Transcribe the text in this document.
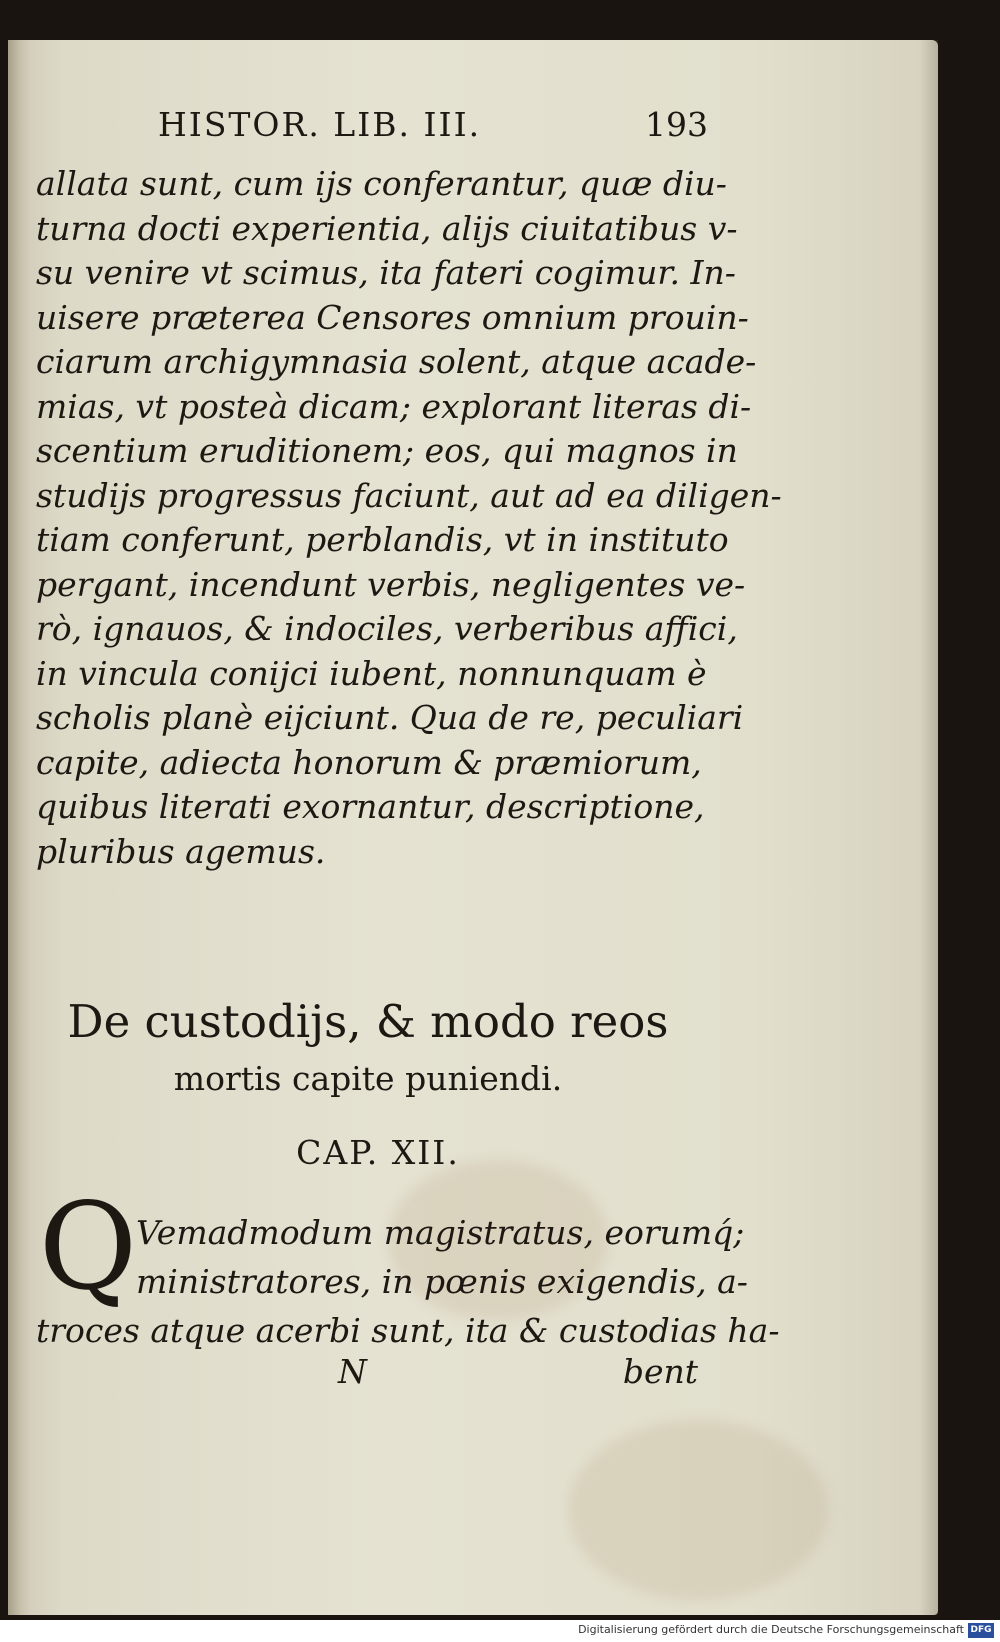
HISTOR. LIB. III.	193
allata sunt, cum ijs conferantur, quæ diu-
turna docti experientia, alijs ciuitatibus v-
su venire vt scimus, ita fateri cogimur. In-
uisere præterea Censores omnium prouin-
ciarum archigymnasia solent, atque acade-
mias, vt posteà dicam; explorant literas di-
scentium eruditionem; eos, qui magnos in
studijs progressus faciunt, aut ad ea diligen-
tiam conferunt, perblandis, vt in instituto
pergant, incendunt verbis, negligentes ve-
rò, ignauos, & indociles, verberibus affici,
in vincula conijci iubent, nonnunquam è
scholis planè eijciunt. Qua de re, peculiari
capite, adiecta honorum & præmiorum,
quibus literati exornantur, descriptione,
pluribus agemus.
De custodijs, & modo reos
mortis capite puniendi.
CAP. XII.
Q
Vemadmodum magistratus, eorumq́;
ministratores, in pœnis exigendis, a-
troces atque acerbi sunt, ita & custodias ha-
N	bent
Digitalisierung gefördert durch die Deutsche Forschungsgemeinschaft DFG
